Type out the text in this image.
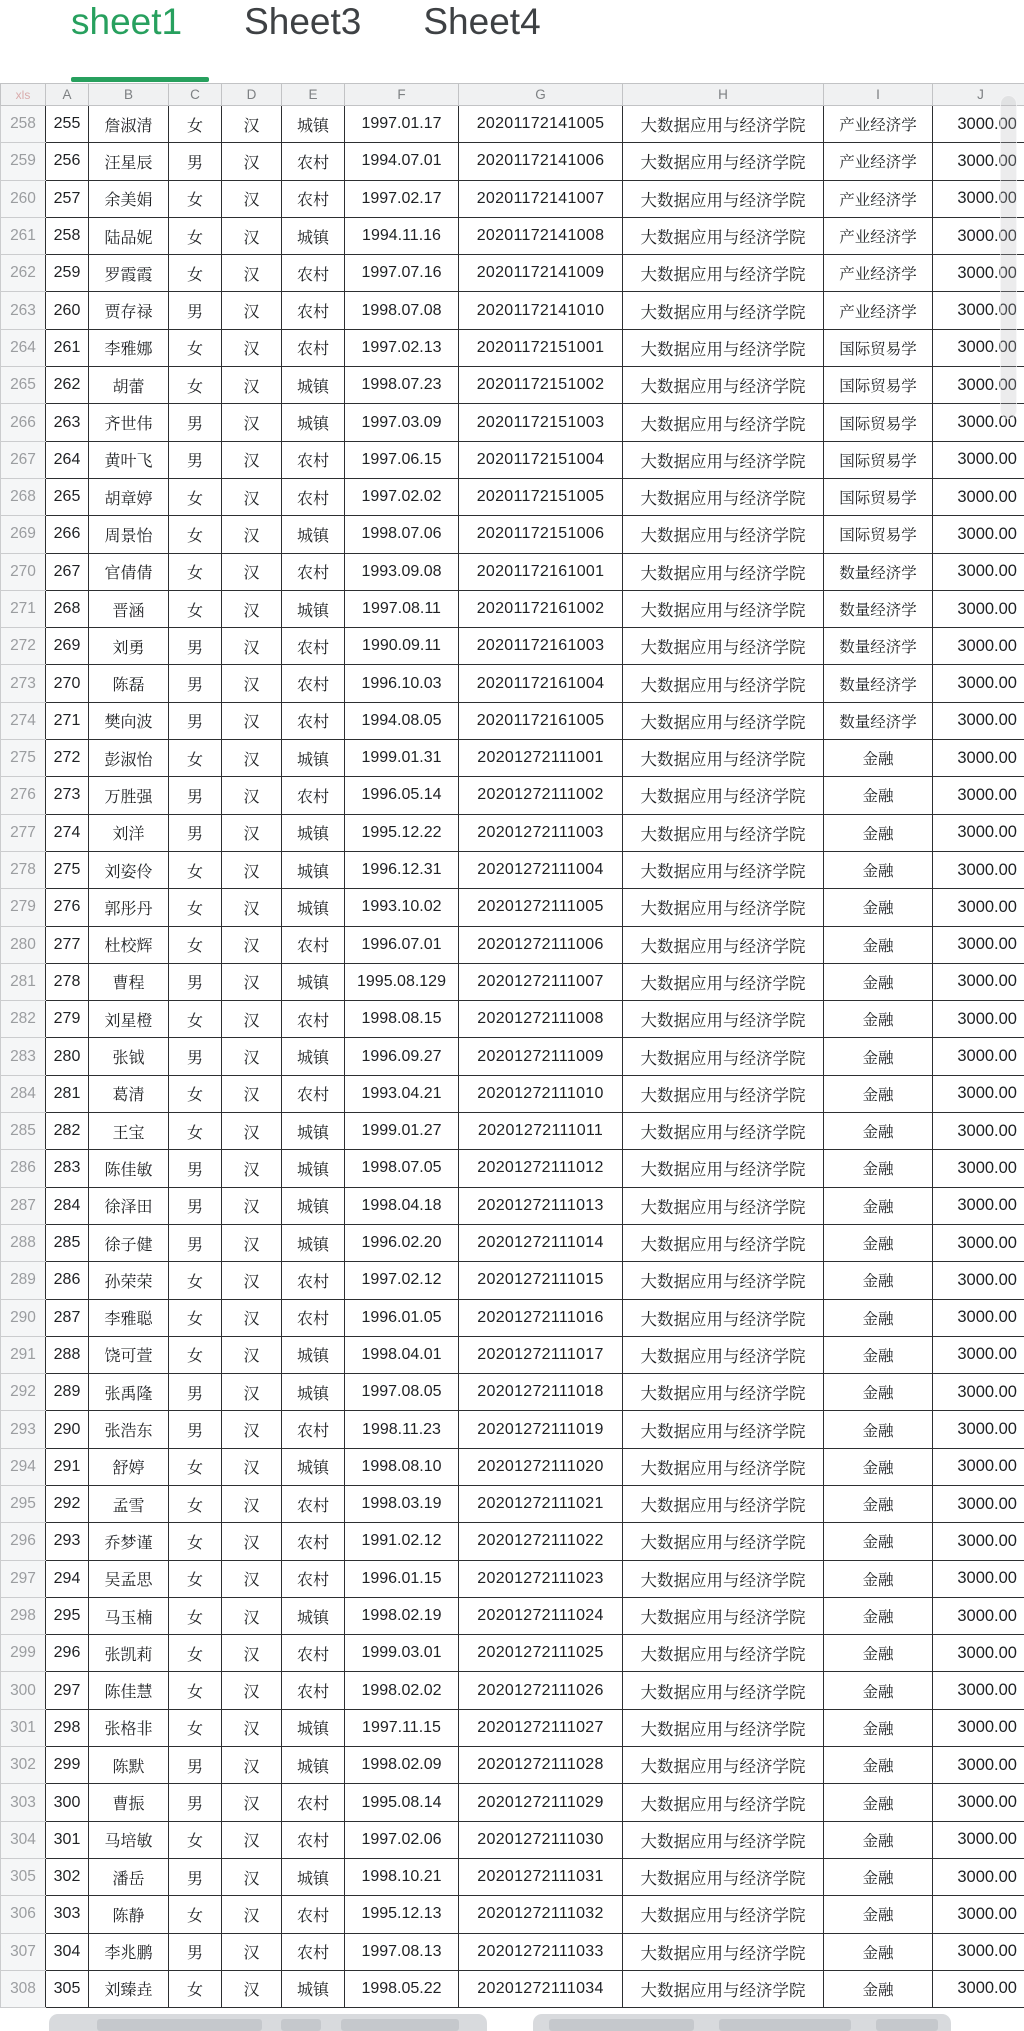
sheet1 Sheet3 Sheet4
xls	A	B	C	D	E	F	G	H	I	J
258	255	詹淑清	女	汉	城镇	1997.01.17	20201172141005	大数据应用与经济学院	产业经济学	3000.00
259	256	汪星辰	男	汉	农村	1994.07.01	20201172141006	大数据应用与经济学院	产业经济学	3000.00
260	257	余美娟	女	汉	农村	1997.02.17	20201172141007	大数据应用与经济学院	产业经济学	3000.00
261	258	陆品妮	女	汉	城镇	1994.11.16	20201172141008	大数据应用与经济学院	产业经济学	3000.00
262	259	罗霞霞	女	汉	农村	1997.07.16	20201172141009	大数据应用与经济学院	产业经济学	3000.00
263	260	贾存禄	男	汉	农村	1998.07.08	20201172141010	大数据应用与经济学院	产业经济学	3000.00
264	261	李雅娜	女	汉	农村	1997.02.13	20201172151001	大数据应用与经济学院	国际贸易学	3000.00
265	262	胡蕾	女	汉	城镇	1998.07.23	20201172151002	大数据应用与经济学院	国际贸易学	3000.00
266	263	齐世伟	男	汉	城镇	1997.03.09	20201172151003	大数据应用与经济学院	国际贸易学	3000.00
267	264	黄叶飞	男	汉	农村	1997.06.15	20201172151004	大数据应用与经济学院	国际贸易学	3000.00
268	265	胡章婷	女	汉	农村	1997.02.02	20201172151005	大数据应用与经济学院	国际贸易学	3000.00
269	266	周景怡	女	汉	城镇	1998.07.06	20201172151006	大数据应用与经济学院	国际贸易学	3000.00
270	267	官倩倩	女	汉	农村	1993.09.08	20201172161001	大数据应用与经济学院	数量经济学	3000.00
271	268	晋涵	女	汉	城镇	1997.08.11	20201172161002	大数据应用与经济学院	数量经济学	3000.00
272	269	刘勇	男	汉	农村	1990.09.11	20201172161003	大数据应用与经济学院	数量经济学	3000.00
273	270	陈磊	男	汉	农村	1996.10.03	20201172161004	大数据应用与经济学院	数量经济学	3000.00
274	271	樊向波	男	汉	农村	1994.08.05	20201172161005	大数据应用与经济学院	数量经济学	3000.00
275	272	彭淑怡	女	汉	城镇	1999.01.31	20201272111001	大数据应用与经济学院	金融	3000.00
276	273	万胜强	男	汉	农村	1996.05.14	20201272111002	大数据应用与经济学院	金融	3000.00
277	274	刘洋	男	汉	城镇	1995.12.22	20201272111003	大数据应用与经济学院	金融	3000.00
278	275	刘姿伶	女	汉	城镇	1996.12.31	20201272111004	大数据应用与经济学院	金融	3000.00
279	276	郭彤丹	女	汉	城镇	1993.10.02	20201272111005	大数据应用与经济学院	金融	3000.00
280	277	杜校辉	女	汉	农村	1996.07.01	20201272111006	大数据应用与经济学院	金融	3000.00
281	278	曹程	男	汉	城镇	1995.08.129	20201272111007	大数据应用与经济学院	金融	3000.00
282	279	刘星橙	女	汉	农村	1998.08.15	20201272111008	大数据应用与经济学院	金融	3000.00
283	280	张钺	男	汉	城镇	1996.09.27	20201272111009	大数据应用与经济学院	金融	3000.00
284	281	葛清	女	汉	农村	1993.04.21	20201272111010	大数据应用与经济学院	金融	3000.00
285	282	王宝	女	汉	城镇	1999.01.27	20201272111011	大数据应用与经济学院	金融	3000.00
286	283	陈佳敏	男	汉	城镇	1998.07.05	20201272111012	大数据应用与经济学院	金融	3000.00
287	284	徐泽田	男	汉	城镇	1998.04.18	20201272111013	大数据应用与经济学院	金融	3000.00
288	285	徐子健	男	汉	城镇	1996.02.20	20201272111014	大数据应用与经济学院	金融	3000.00
289	286	孙荣荣	女	汉	农村	1997.02.12	20201272111015	大数据应用与经济学院	金融	3000.00
290	287	李雅聪	女	汉	农村	1996.01.05	20201272111016	大数据应用与经济学院	金融	3000.00
291	288	饶可萱	女	汉	城镇	1998.04.01	20201272111017	大数据应用与经济学院	金融	3000.00
292	289	张禹隆	男	汉	城镇	1997.08.05	20201272111018	大数据应用与经济学院	金融	3000.00
293	290	张浩东	男	汉	农村	1998.11.23	20201272111019	大数据应用与经济学院	金融	3000.00
294	291	舒婷	女	汉	城镇	1998.08.10	20201272111020	大数据应用与经济学院	金融	3000.00
295	292	孟雪	女	汉	农村	1998.03.19	20201272111021	大数据应用与经济学院	金融	3000.00
296	293	乔梦谨	女	汉	农村	1991.02.12	20201272111022	大数据应用与经济学院	金融	3000.00
297	294	吴孟思	女	汉	农村	1996.01.15	20201272111023	大数据应用与经济学院	金融	3000.00
298	295	马玉楠	女	汉	城镇	1998.02.19	20201272111024	大数据应用与经济学院	金融	3000.00
299	296	张凯莉	女	汉	农村	1999.03.01	20201272111025	大数据应用与经济学院	金融	3000.00
300	297	陈佳慧	女	汉	农村	1998.02.02	20201272111026	大数据应用与经济学院	金融	3000.00
301	298	张格非	女	汉	城镇	1997.11.15	20201272111027	大数据应用与经济学院	金融	3000.00
302	299	陈默	男	汉	城镇	1998.02.09	20201272111028	大数据应用与经济学院	金融	3000.00
303	300	曹振	男	汉	农村	1995.08.14	20201272111029	大数据应用与经济学院	金融	3000.00
304	301	马培敏	女	汉	农村	1997.02.06	20201272111030	大数据应用与经济学院	金融	3000.00
305	302	潘岳	男	汉	城镇	1998.10.21	20201272111031	大数据应用与经济学院	金融	3000.00
306	303	陈静	女	汉	农村	1995.12.13	20201272111032	大数据应用与经济学院	金融	3000.00
307	304	李兆鹏	男	汉	农村	1997.08.13	20201272111033	大数据应用与经济学院	金融	3000.00
308	305	刘臻垚	女	汉	城镇	1998.05.22	20201272111034	大数据应用与经济学院	金融	3000.00
